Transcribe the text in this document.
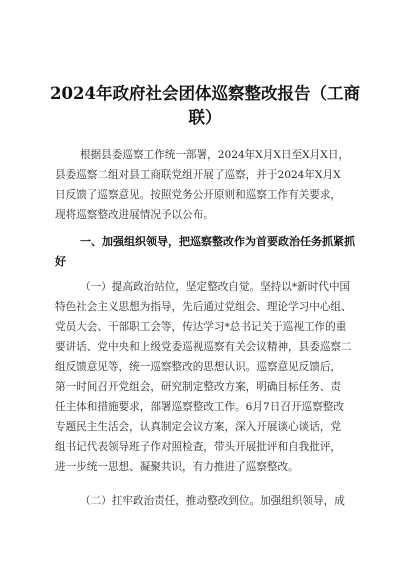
2024年政府社会团体巡察整改报告（工商
联）
根据县委巡察工作统一部署，2024年X月X日至X月X日，
县委巡察二组对县工商联党组开展了巡察，并于2024年X月X
日反馈了巡察意见。按照党务公开原则和巡察工作有关要求，
现将巡察整改进展情况予以公布。
一、加强组织领导，把巡察整改作为首要政治任务抓紧抓
好
（一）提高政治站位，坚定整改自觉。坚持以*新时代中国
特色社会主义思想为指导，先后通过党组会、理论学习中心组、
党员大会、干部职工会等，传达学习*总书记关于巡视工作的重
要讲话、党中央和上级党委巡视巡察有关会议精神，县委巡察二
组反馈意见等，统一巡察整改的思想认识。巡察意见反馈后，
第一时间召开党组会，研究制定整改方案，明确目标任务、责
任主体和措施要求，部署巡察整改工作。6月7日召开巡察整改
专题民主生活会，认真制定会议方案，深入开展谈心谈话，党
组书记代表领导班子作对照检查，带头开展批评和自我批评，
进一步统一思想、凝聚共识，有力推进了巡察整改。
（二）扛牢政治责任，推动整改到位。加强组织领导，成
